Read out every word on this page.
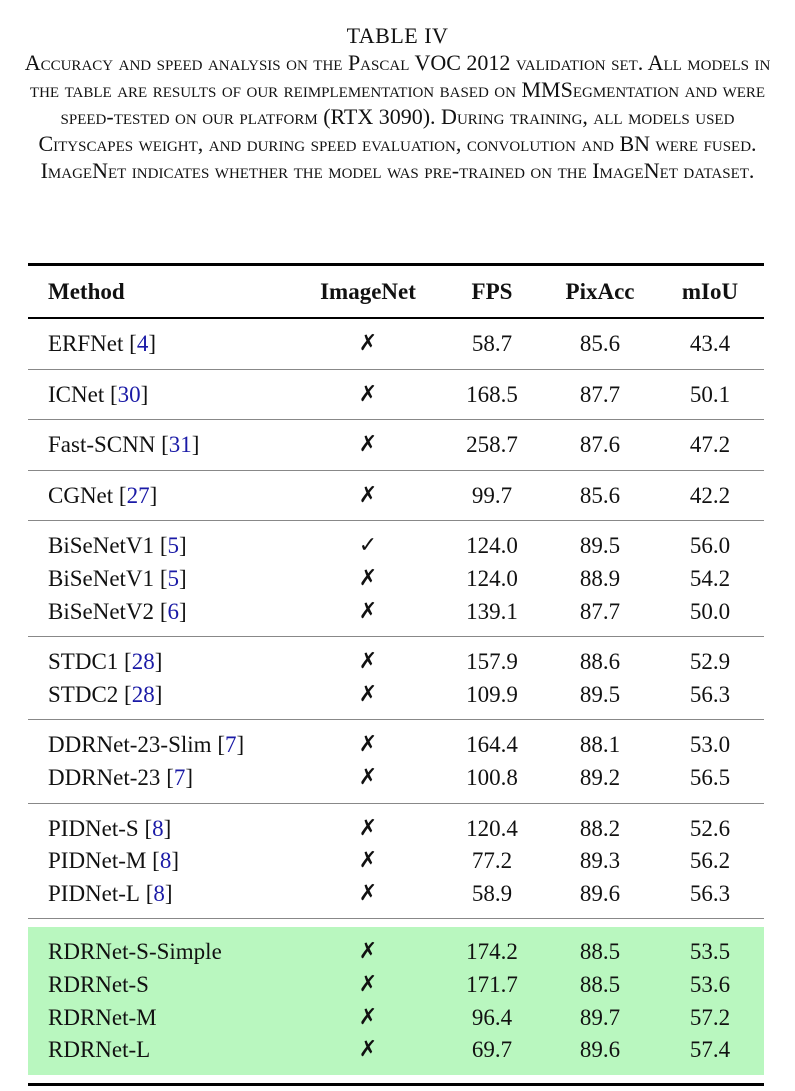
TABLE IV
Accuracy and speed analysis on the Pascal VOC 2012 validation set. All models in the table are results of our reimplementation based on MMSegmentation and were speed-tested on our platform (RTX 3090). During training, all models used Cityscapes weight, and during speed evaluation, convolution and BN were fused. ImageNet indicates whether the model was pre-trained on the ImageNet dataset.
Method	ImageNet	FPS	PixAcc	mIoU
ERFNet [4]	✗	58.7	85.6	43.4
ICNet [30]	✗	168.5	87.7	50.1
Fast-SCNN [31]	✗	258.7	87.6	47.2
CGNet [27]	✗	99.7	85.6	42.2
BiSeNetV1 [5]	✓	124.0	89.5	56.0
BiSeNetV1 [5]	✗	124.0	88.9	54.2
BiSeNetV2 [6]	✗	139.1	87.7	50.0
STDC1 [28]	✗	157.9	88.6	52.9
STDC2 [28]	✗	109.9	89.5	56.3
DDRNet-23-Slim [7]	✗	164.4	88.1	53.0
DDRNet-23 [7]	✗	100.8	89.2	56.5
PIDNet-S [8]	✗	120.4	88.2	52.6
PIDNet-M [8]	✗	77.2	89.3	56.2
PIDNet-L [8]	✗	58.9	89.6	56.3
RDRNet-S-Simple	✗	174.2	88.5	53.5
RDRNet-S	✗	171.7	88.5	53.6
RDRNet-M	✗	96.4	89.7	57.2
RDRNet-L	✗	69.7	89.6	57.4
